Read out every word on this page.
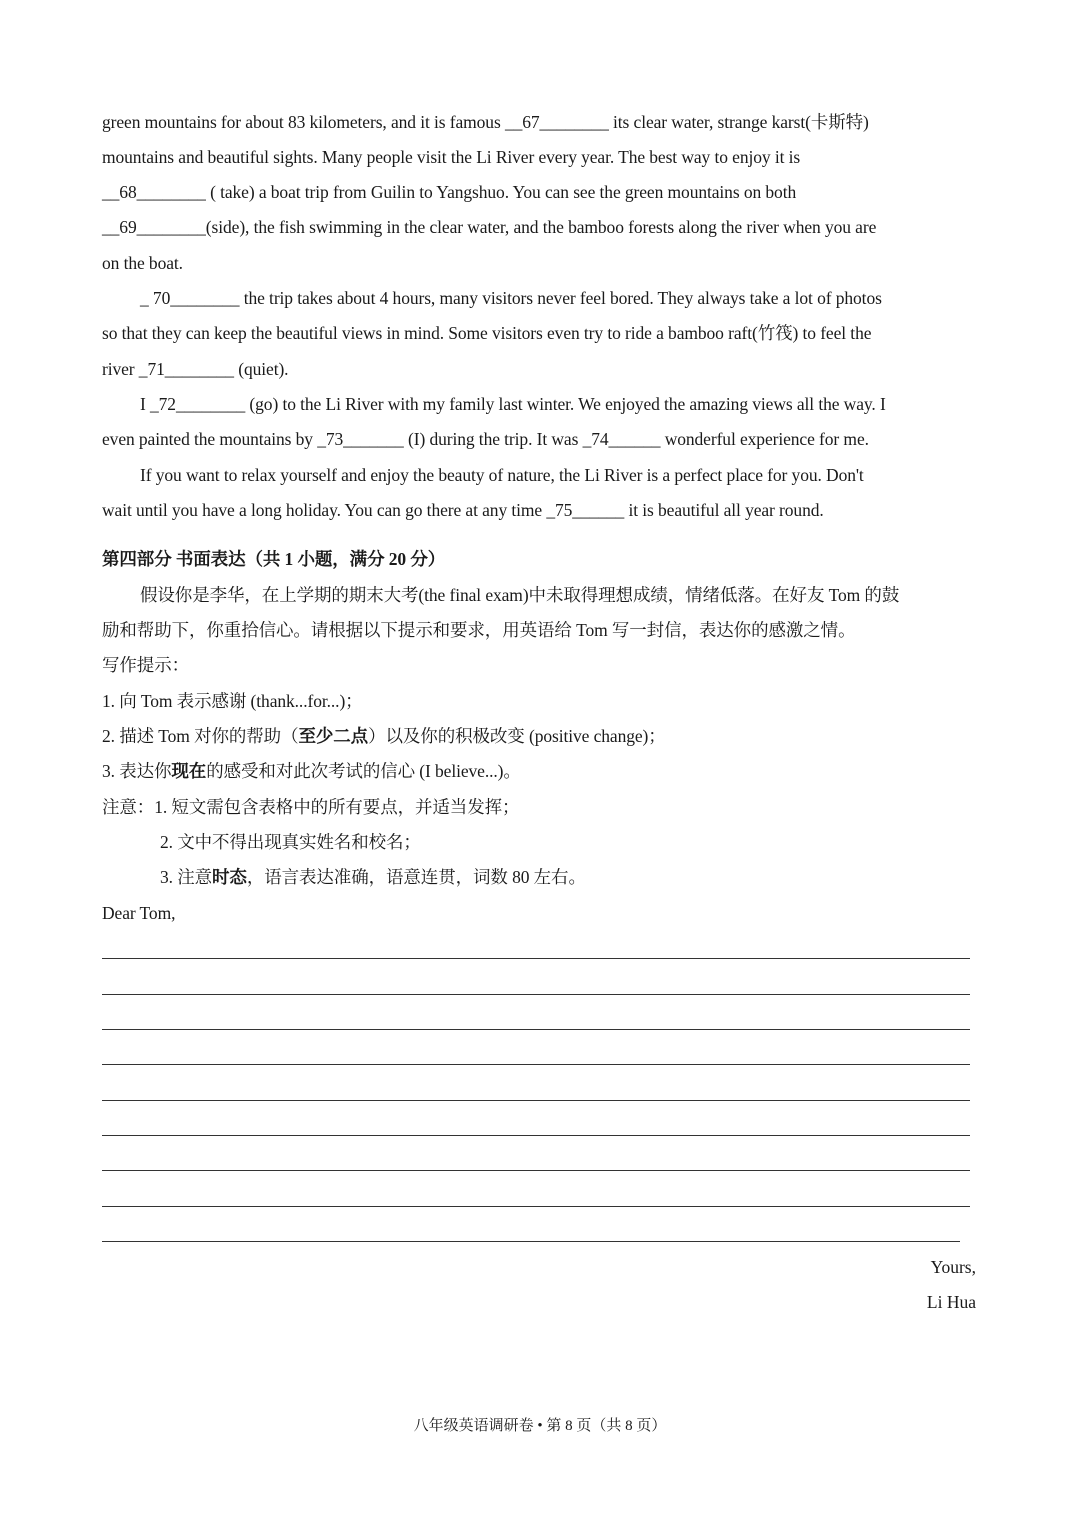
green mountains for about 83 kilometers, and it is famous __67________ its clear water, strange karst(卡斯特)
mountains and beautiful sights. Many people visit the Li River every year. The best way to enjoy it is
__68________ ( take) a boat trip from Guilin to Yangshuo. You can see the green mountains on both
__69________(side), the fish swimming in the clear water, and the bamboo forests along the river when you are
on the boat.
_ 70________ the trip takes about 4 hours, many visitors never feel bored. They always take a lot of photos
so that they can keep the beautiful views in mind. Some visitors even try to ride a bamboo raft(竹筏) to feel the
river _71________ (quiet).
I _72________ (go) to the Li River with my family last winter. We enjoyed the amazing views all the way. I
even painted the mountains by _73_______ (I) during the trip. It was _74______ wonderful experience for me.
If you want to relax yourself and enjoy the beauty of nature, the Li River is a perfect place for you. Don't
wait until you have a long holiday. You can go there at any time _75______ it is beautiful all year round.
第四部分 书面表达（共 1 小题，满分 20 分）
假设你是李华，在上学期的期末大考(the final exam)中未取得理想成绩，情绪低落。在好友 Tom 的鼓
励和帮助下，你重拾信心。请根据以下提示和要求，用英语给 Tom 写一封信，表达你的感激之情。
写作提示：
1. 向 Tom 表示感谢 (thank...for...)；
2. 描述 Tom 对你的帮助（至少二点）以及你的积极改变 (positive change)；
3. 表达你现在的感受和对此次考试的信心 (I believe...)。
注意：1. 短文需包含表格中的所有要点，并适当发挥；
2. 文中不得出现真实姓名和校名；
3. 注意时态，语言表达准确，语意连贯，词数 80 左右。
Dear Tom,
Yours,
Li Hua
八年级英语调研卷 • 第 8 页（共 8 页）
